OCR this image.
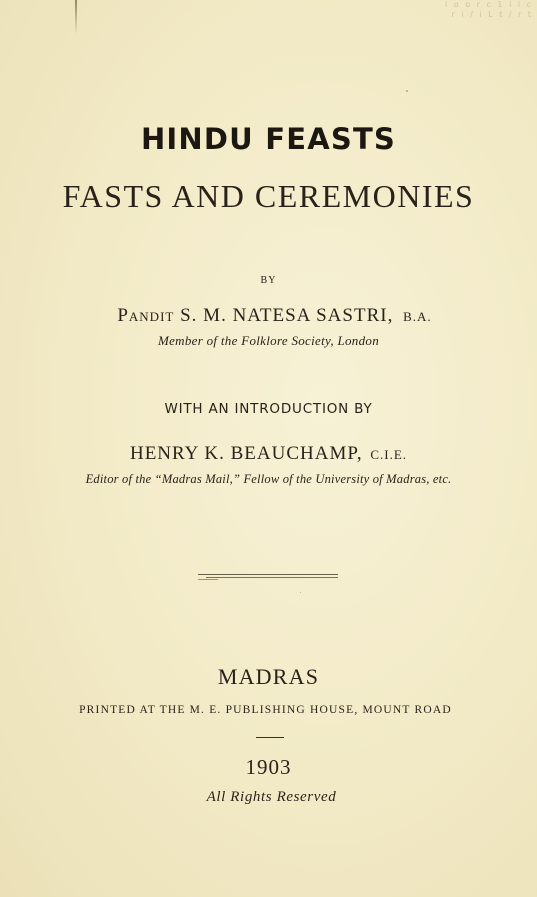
i o o r c 1 i i c
r i / i L t / r t
HINDU FEASTS
FASTS AND CEREMONIES
BY
Pandit S. M. NATESA SASTRI, B.A.
Member of the Folklore Society, London
WITH AN INTRODUCTION BY
HENRY K. BEAUCHAMP, C.I.E.
Editor of the “Madras Mail,” Fellow of the University of Madras, etc.
MADRAS
PRINTED AT THE M. E. PUBLISHING HOUSE, MOUNT ROAD
1903
All Rights Reserved
